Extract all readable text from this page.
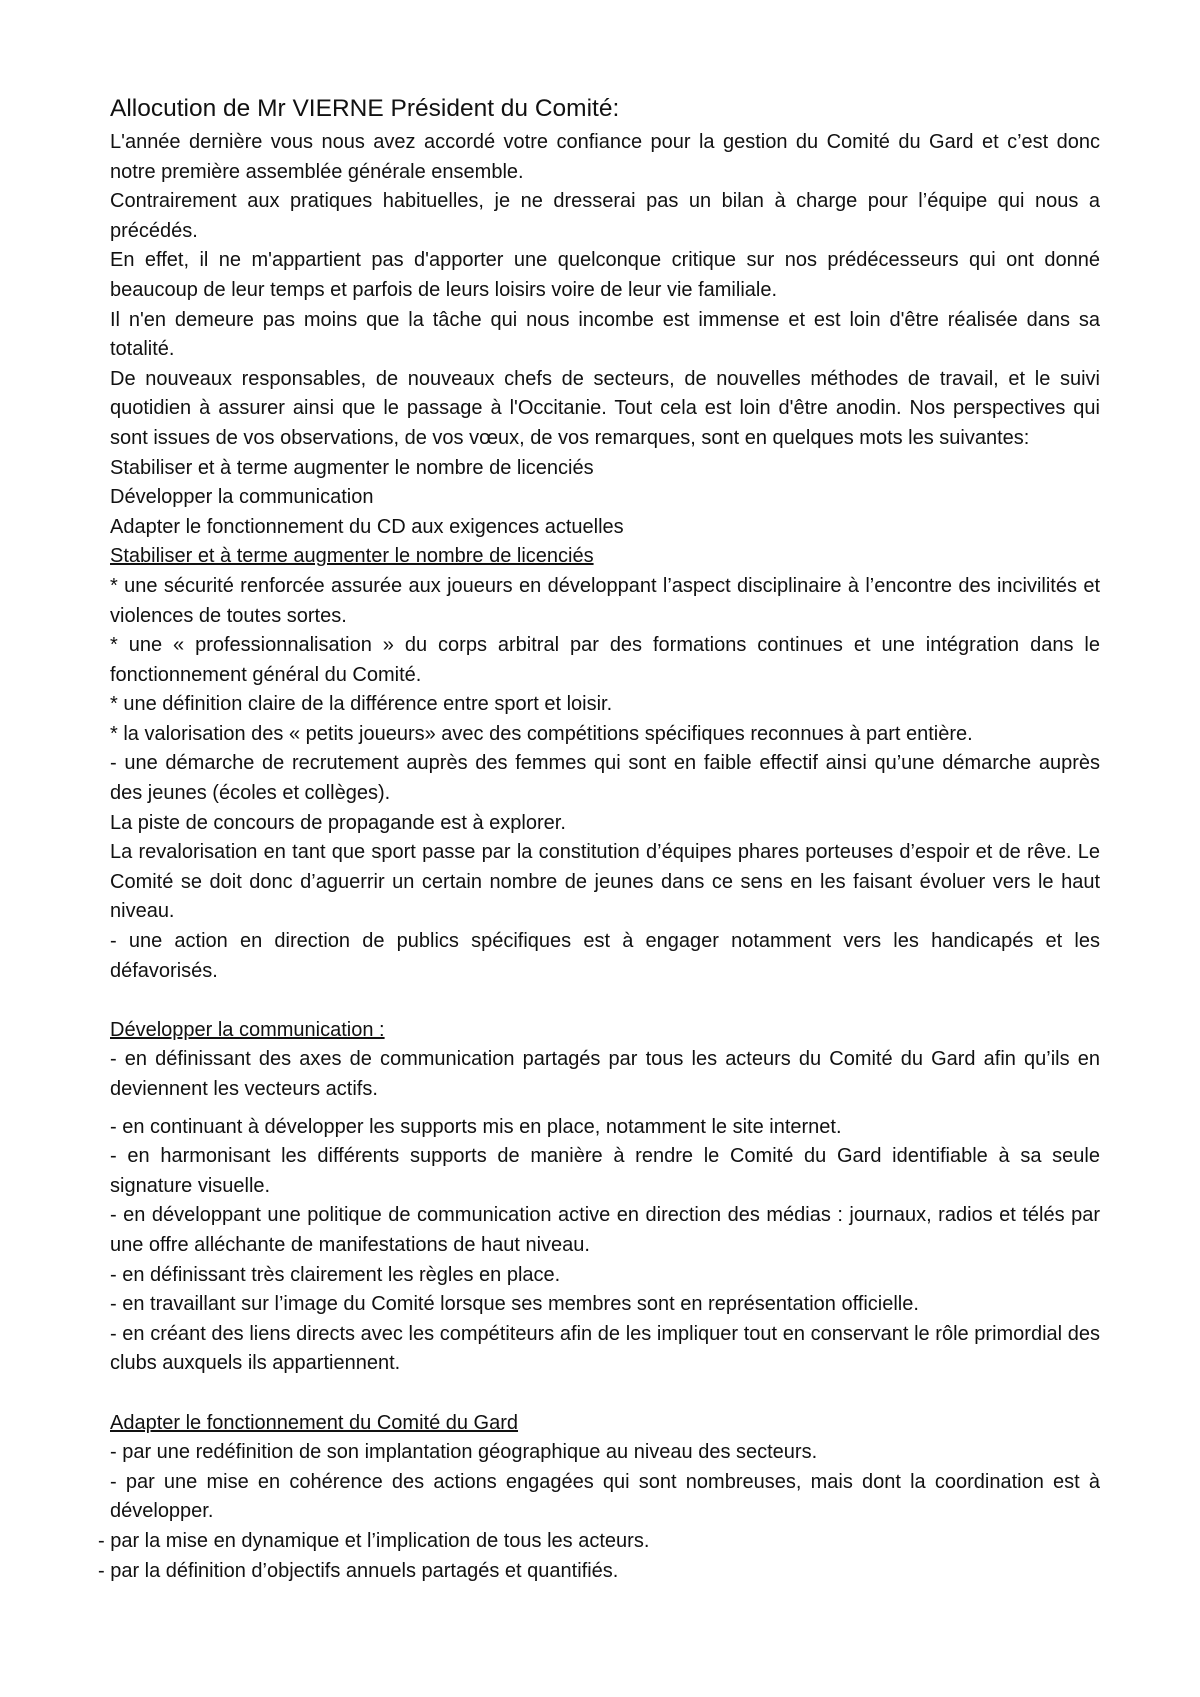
Allocution de Mr VIERNE Président du Comité:

L'année dernière vous nous avez accordé votre confiance pour la gestion du Comité du Gard et c’est donc notre première assemblée générale ensemble.

Contrairement aux pratiques habituelles, je ne dresserai pas un bilan à charge pour l’équipe qui nous a précédés.

En effet, il ne m'appartient pas d'apporter une quelconque critique sur nos prédécesseurs qui ont donné beaucoup de leur temps et parfois de leurs loisirs voire de leur vie familiale.

Il n'en demeure pas moins que la tâche qui nous incombe est immense et est loin d'être réalisée dans sa totalité.

De nouveaux responsables, de nouveaux chefs de secteurs, de nouvelles méthodes de travail, et le suivi quotidien à assurer ainsi que le passage à l'Occitanie. Tout cela est loin d'être anodin. Nos perspectives qui sont issues de vos observations, de vos vœux, de vos remarques, sont en quelques mots les suivantes:

Stabiliser et à terme augmenter le nombre de licenciés

Développer la communication

Adapter le fonctionnement du CD aux exigences actuelles

Stabiliser et à terme augmenter le nombre de licenciés

* une sécurité renforcée assurée aux joueurs en développant l’aspect disciplinaire à l’encontre des incivilités et violences de toutes sortes.

* une « professionnalisation » du corps arbitral par des formations continues et une intégration dans le fonctionnement général du Comité.

* une définition claire de la différence entre sport et loisir.

* la valorisation des « petits joueurs» avec des compétitions spécifiques reconnues à part entière.

- une démarche de recrutement auprès des femmes qui sont en faible effectif ainsi qu’une démarche auprès des jeunes (écoles et collèges).

La piste de concours de propagande est à explorer.

La revalorisation en tant que sport passe par la constitution d’équipes phares porteuses d’espoir et de rêve. Le Comité se doit donc d’aguerrir un certain nombre de jeunes dans ce sens en les faisant évoluer vers le haut niveau.

- une action en direction de publics spécifiques est à engager notamment vers les handicapés et les défavorisés.

Développer la communication :

- en définissant des axes de communication partagés par tous les acteurs du Comité du Gard afin qu’ils en deviennent les vecteurs actifs.

- en continuant à développer les supports mis en place, notamment le site internet.

- en harmonisant les différents supports de manière à rendre le Comité du Gard identifiable à sa seule signature visuelle.

- en développant une politique de communication active en direction des médias : journaux, radios et télés par une offre alléchante de manifestations de haut niveau.

- en définissant très clairement les règles en place.

- en travaillant sur l’image du Comité lorsque ses membres sont en représentation officielle.

- en créant des liens directs avec les compétiteurs afin de les impliquer tout en conservant le rôle primordial des clubs auxquels ils appartiennent.

Adapter le fonctionnement du Comité du Gard

- par une redéfinition de son implantation géographique au niveau des secteurs.

- par une mise en cohérence des actions engagées qui sont nombreuses, mais dont la coordination est à développer.

- par la mise en dynamique et l’implication de tous les acteurs.

- par la définition d’objectifs annuels partagés et quantifiés.
